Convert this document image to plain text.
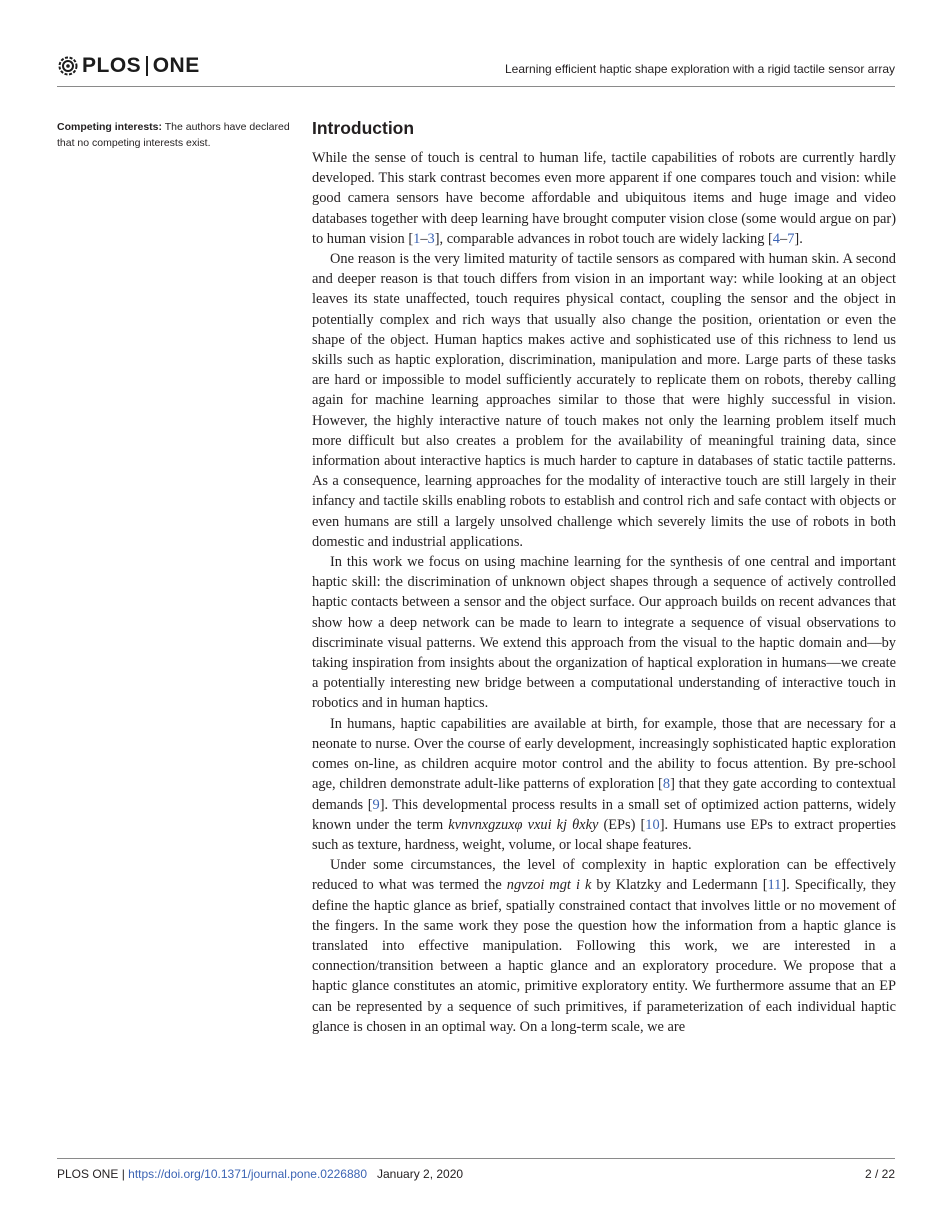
PLOS ONE	Learning efficient haptic shape exploration with a rigid tactile sensor array
Competing interests: The authors have declared that no competing interests exist.
Introduction

While the sense of touch is central to human life, tactile capabilities of robots are currently hardly developed. This stark contrast becomes even more apparent if one compares touch and vision: while good camera sensors have become affordable and ubiquitous items and huge image and video databases together with deep learning have brought computer vision close (some would argue on par) to human vision [1–3], comparable advances in robot touch are widely lacking [4–7].

One reason is the very limited maturity of tactile sensors as compared with human skin. A second and deeper reason is that touch differs from vision in an important way: while looking at an object leaves its state unaffected, touch requires physical contact, coupling the sensor and the object in potentially complex and rich ways that usually also change the position, orientation or even the shape of the object. Human haptics makes active and sophisticated use of this richness to lend us skills such as haptic exploration, discrimination, manipulation and more. Large parts of these tasks are hard or impossible to model sufficiently accurately to replicate them on robots, thereby calling again for machine learning approaches similar to those that were highly successful in vision. However, the highly interactive nature of touch makes not only the learning problem itself much more difficult but also creates a problem for the availability of meaningful training data, since information about interactive haptics is much harder to capture in databases of static tactile patterns. As a consequence, learning approaches for the modality of interactive touch are still largely in their infancy and tactile skills enabling robots to establish and control rich and safe contact with objects or even humans are still a largely unsolved challenge which severely limits the use of robots in both domestic and industrial applications.

In this work we focus on using machine learning for the synthesis of one central and important haptic skill: the discrimination of unknown object shapes through a sequence of actively controlled haptic contacts between a sensor and the object surface. Our approach builds on recent advances that show how a deep network can be made to learn to integrate a sequence of visual observations to discriminate visual patterns. We extend this approach from the visual to the haptic domain and—by taking inspiration from insights about the organization of haptical exploration in humans—we create a potentially interesting new bridge between a computational understanding of interactive touch in robotics and in human haptics.

In humans, haptic capabilities are available at birth, for example, those that are necessary for a neonate to nurse. Over the course of early development, increasingly sophisticated haptic exploration comes on-line, as children acquire motor control and the ability to focus attention. By pre-school age, children demonstrate adult-like patterns of exploration [8] that they gate according to contextual demands [9]. This developmental process results in a small set of optimized action patterns, widely known under the term kvnvnxgzuxφ vxui kj θxky (EPs) [10]. Humans use EPs to extract properties such as texture, hardness, weight, volume, or local shape features.

Under some circumstances, the level of complexity in haptic exploration can be effectively reduced to what was termed the ngvzoi mgt i k by Klatzky and Ledermann [11]. Specifically, they define the haptic glance as brief, spatially constrained contact that involves little or no movement of the fingers. In the same work they pose the question how the information from a haptic glance is translated into effective manipulation. Following this work, we are interested in a connection/transition between a haptic glance and an exploratory procedure. We propose that a haptic glance constitutes an atomic, primitive exploratory entity. We furthermore assume that an EP can be represented by a sequence of such primitives, if parameterization of each individual haptic glance is chosen in an optimal way. On a long-term scale, we are

PLOS ONE | https://doi.org/10.1371/journal.pone.0226880 January 2, 2020	2 / 22
